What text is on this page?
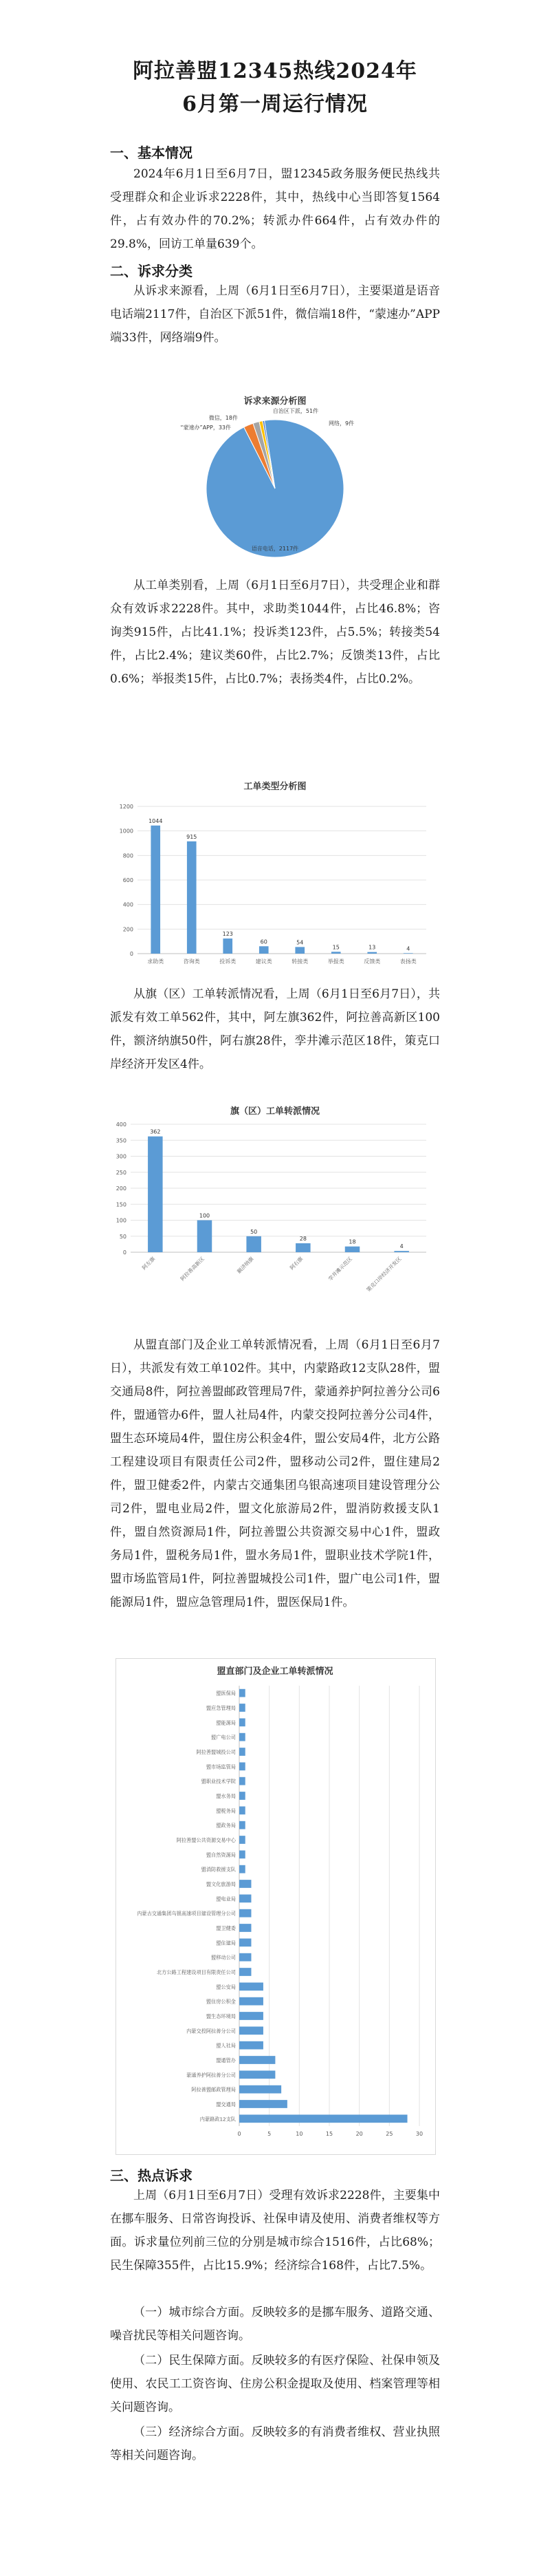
阿拉善盟12345热线2024年
6月第一周运行情况
一、基本情况

2024年6月1日至6月7日，盟12345政务服务便民热线共受理群众和企业诉求2228件，其中，热线中心当即答复1564件，占有效办件的70.2%；转派办件664件，占有效办件的29.8%，回访工单量639个。

二、诉求分类

从诉求来源看，上周（6月1日至6月7日），主要渠道是语音电话端2117件，自治区下派51件，微信端18件，“蒙速办”APP端33件，网络端9件。

诉求来源分析图
语音电话，2117件
自治区下派，51件
“蒙速办”APP，33件
微信，18件
网络，9件

从工单类别看，上周（6月1日至6月7日），共受理企业和群众有效诉求2228件。其中，求助类1044件，占比46.8%；咨询类915件，占比41.1%；投诉类123件，占5.5%；转接类54件，占比2.4%；建议类60件，占比2.7%；反馈类13件，占比0.6%；举报类15件，占比0.7%；表扬类4件，占比0.2%。

工单类型分析图
0
200
400
600
800
1000
1200
1044
求助类
915
咨询类
123
投诉类
60
建议类
54
转接类
15
举报类
13
反馈类
4
表扬类

从旗（区）工单转派情况看，上周（6月1日至6月7日），共派发有效工单562件，其中，阿左旗362件，阿拉善高新区100件，额济纳旗50件，阿右旗28件，孪井滩示范区18件，策克口岸经济开发区4件。

旗（区）工单转派情况
0
50
100
150
200
250
300
350
400
362
阿左旗
100
阿拉善高新区
50
额济纳旗
28
阿右旗
18
孪井滩示范区
4
策克口岸经济开发区

从盟直部门及企业工单转派情况看，上周（6月1日至6月7日），共派发有效工单102件。其中，内蒙路政12支队28件，盟交通局8件，阿拉善盟邮政管理局7件，蒙通养护阿拉善分公司6件，盟通管办6件，盟人社局4件，内蒙交投阿拉善分公司4件，盟生态环境局4件，盟住房公积金4件，盟公安局4件，北方公路工程建设项目有限责任公司2件，盟移动公司2件，盟住建局2件，盟卫健委2件，内蒙古交通集团乌银高速项目建设管理分公司2件，盟电业局2件，盟文化旅游局2件，盟消防救援支队1件，盟自然资源局1件，阿拉善盟公共资源交易中心1件，盟政务局1件，盟税务局1件，盟水务局1件，盟职业技术学院1件，盟市场监管局1件，阿拉善盟城投公司1件，盟广电公司1件，盟能源局1件，盟应急管理局1件，盟医保局1件。

盟直部门及企业工单转派情况
0	5	10	15	20	25	30
盟医保局
盟应急管理局
盟能源局
盟广电公司
阿拉善盟城投公司
盟市场监管局
盟职业技术学院
盟水务局
盟税务局
盟政务局
阿拉善盟公共资源交易中心
盟自然资源局
盟消防救援支队
盟文化旅游局
盟电业局
内蒙古交通集团乌银高速项目建设管理分公司
盟卫健委
盟住建局
盟移动公司
北方公路工程建设项目有限责任公司
盟公安局
盟住房公积金
盟生态环境局
内蒙交投阿拉善分公司
盟人社局
盟通管办
蒙通养护阿拉善分公司
阿拉善盟邮政管理局
盟交通局
内蒙路政12支队
三、热点诉求

上周（6月1日至6月7日）受理有效诉求2228件，主要集中在挪车服务、日常咨询投诉、社保申请及使用、消费者维权等方面。诉求量位列前三位的分别是城市综合1516件，占比68%；民生保障355件，占比15.9%；经济综合168件，占比7.5%。

（一）城市综合方面。反映较多的是挪车服务、道路交通、噪音扰民等相关问题咨询。

（二）民生保障方面。反映较多的有医疗保险、社保申领及使用、农民工工资咨询、住房公积金提取及使用、档案管理等相关问题咨询。

（三）经济综合方面。反映较多的有消费者维权、营业执照等相关问题咨询。
